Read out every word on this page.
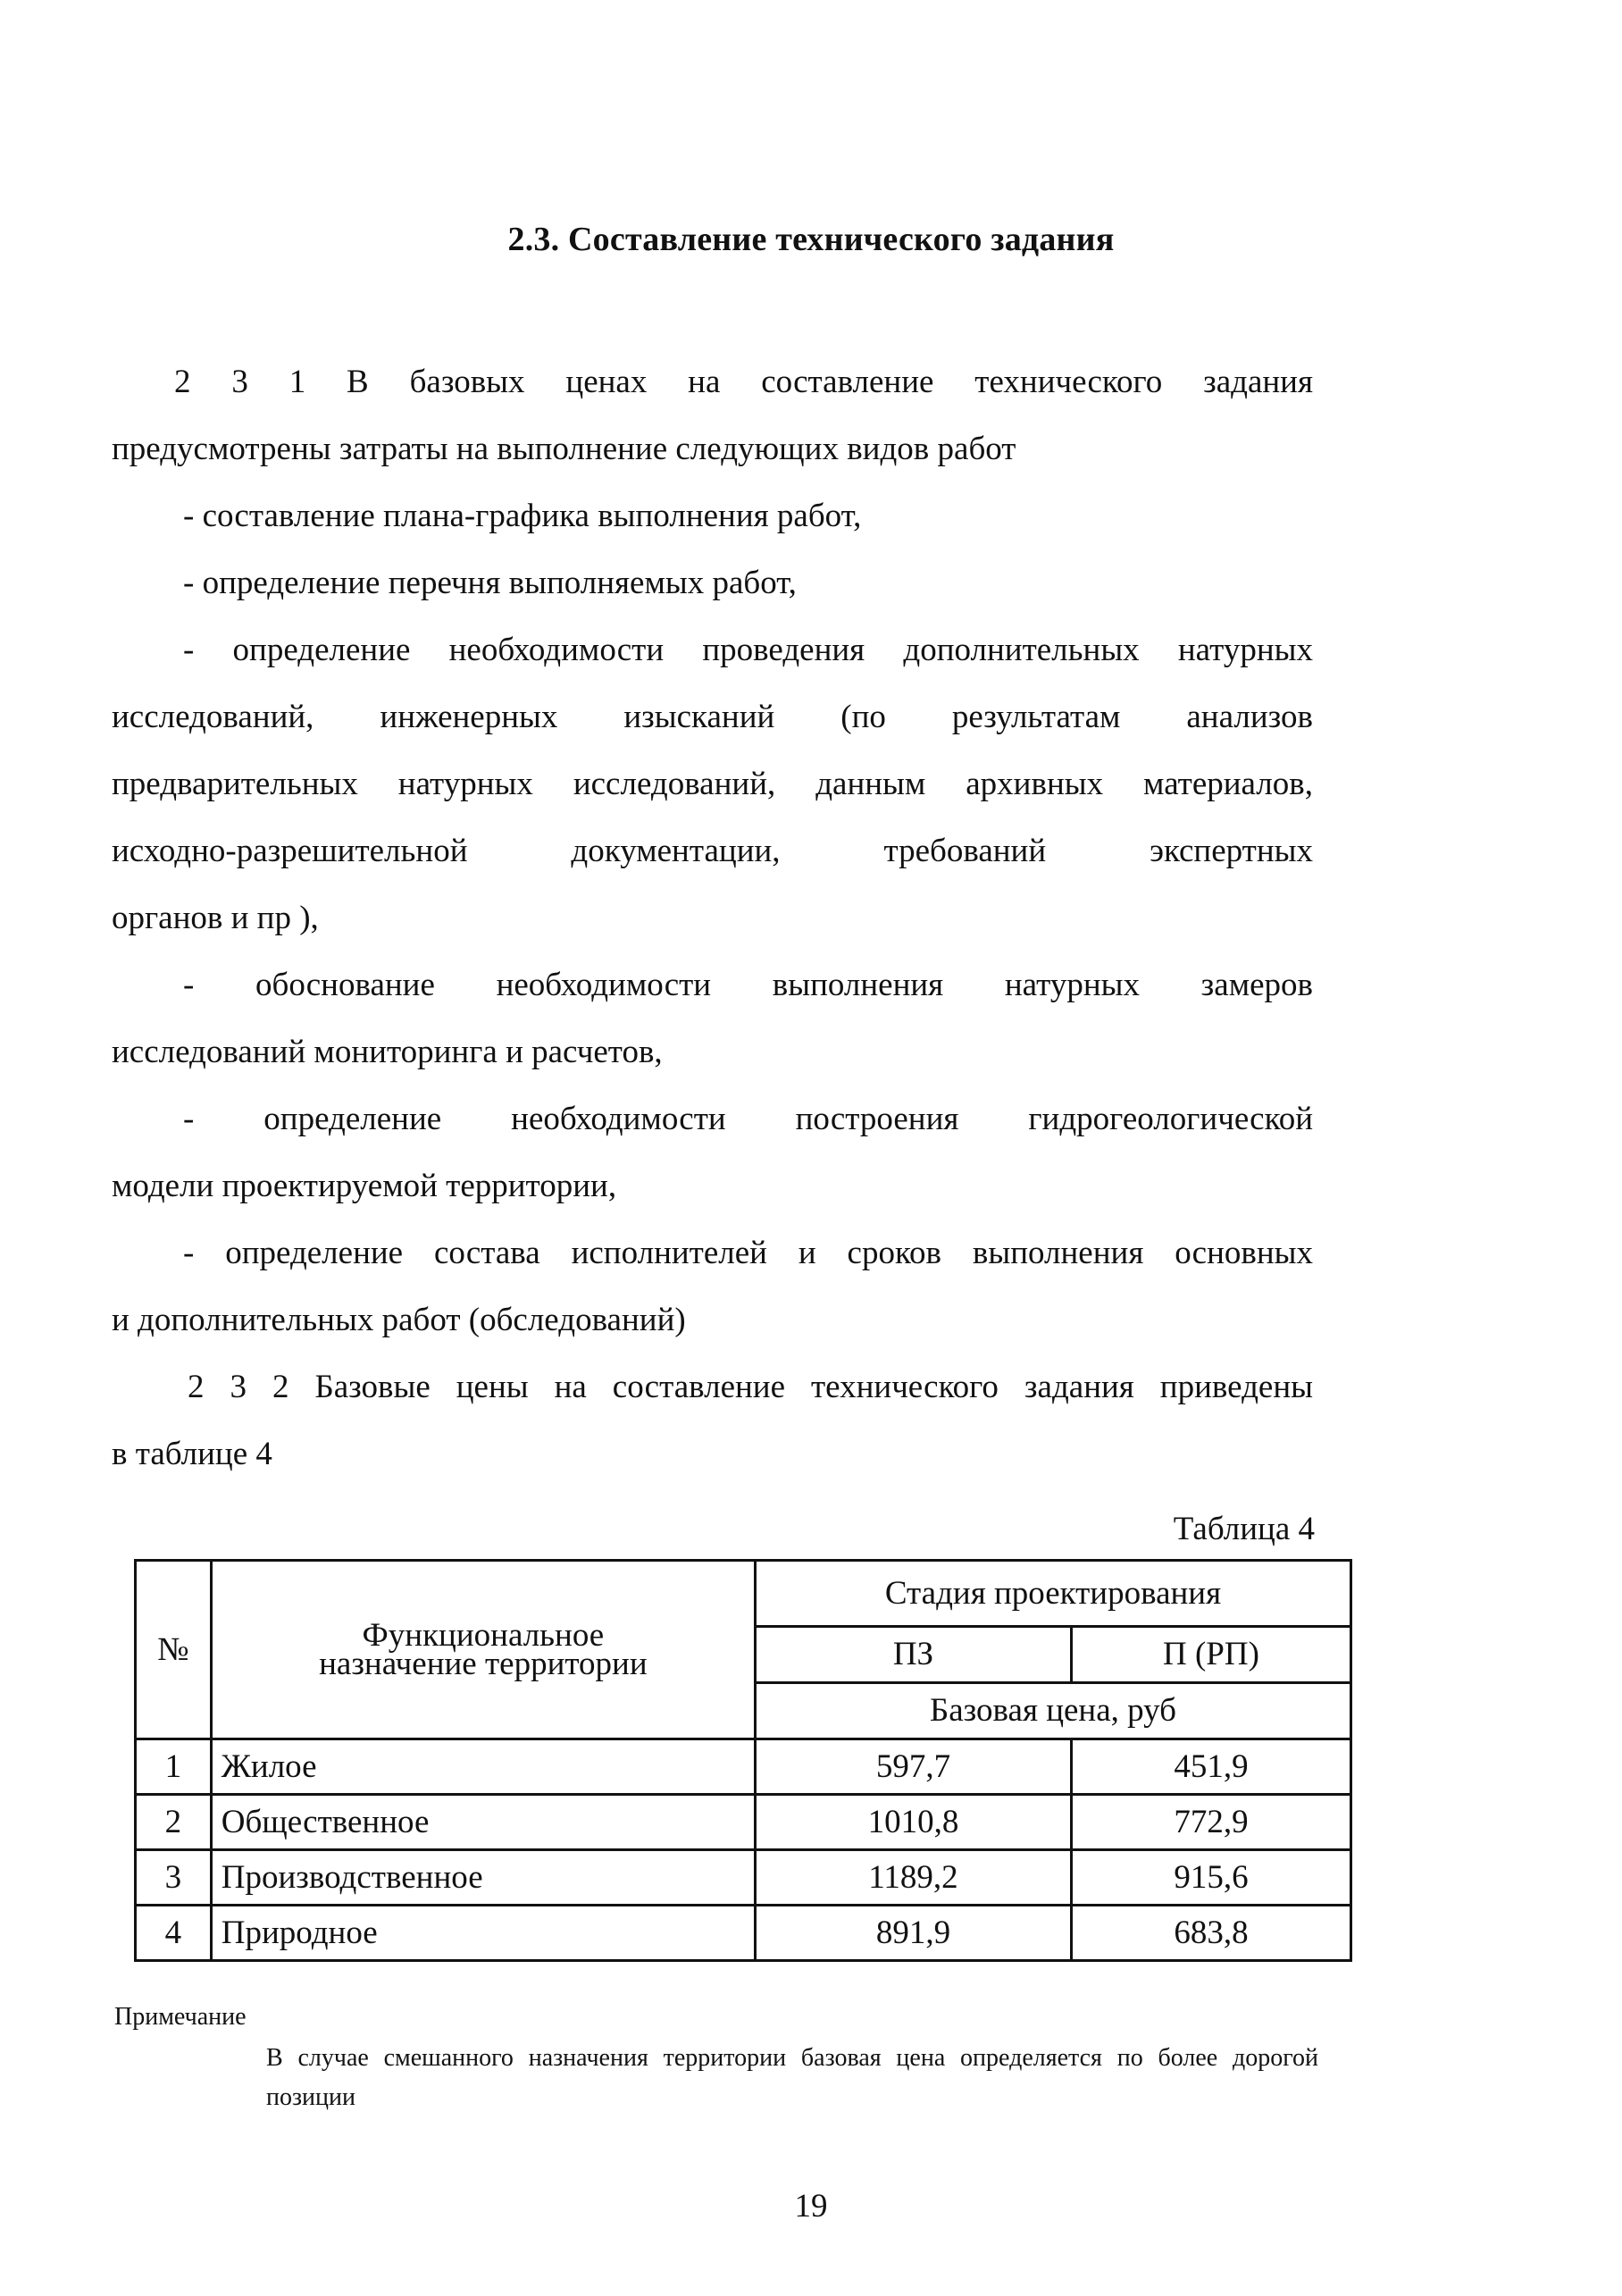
2.3. Составление технического задания
2 3 1 В базовых ценах на составление технического задания
предусмотрены затраты на выполнение следующих видов работ
- составление плана-графика выполнения работ,
- определение перечня выполняемых работ,
- определение необходимости проведения дополнительных натурных
исследований, инженерных изысканий (по результатам анализов
предварительных натурных исследований, данным архивных материалов,
исходно-разрешительной документации, требований экспертных
органов и пр ),
- обоснование необходимости выполнения натурных замеров
исследований мониторинга и расчетов,
- определение необходимости построения гидрогеологической
модели проектируемой территории,
- определение состава исполнителей и сроков выполнения основных
и дополнительных работ (обследований)
2 3 2 Базовые цены на составление технического задания приведены
в таблице 4
Таблица 4
№	Функциональное назначение территории	Стадия проектирования	
		ПЗ	П (РП)
		Базовая цена, руб	
1	Жилое	597,7	451,9
2	Общественное	1010,8	772,9
3	Производственное	1189,2	915,6
4	Природное	891,9	683,8
Примечание
В случае смешанного назначения территории базовая цена определяется по более дорогой позиции
19
